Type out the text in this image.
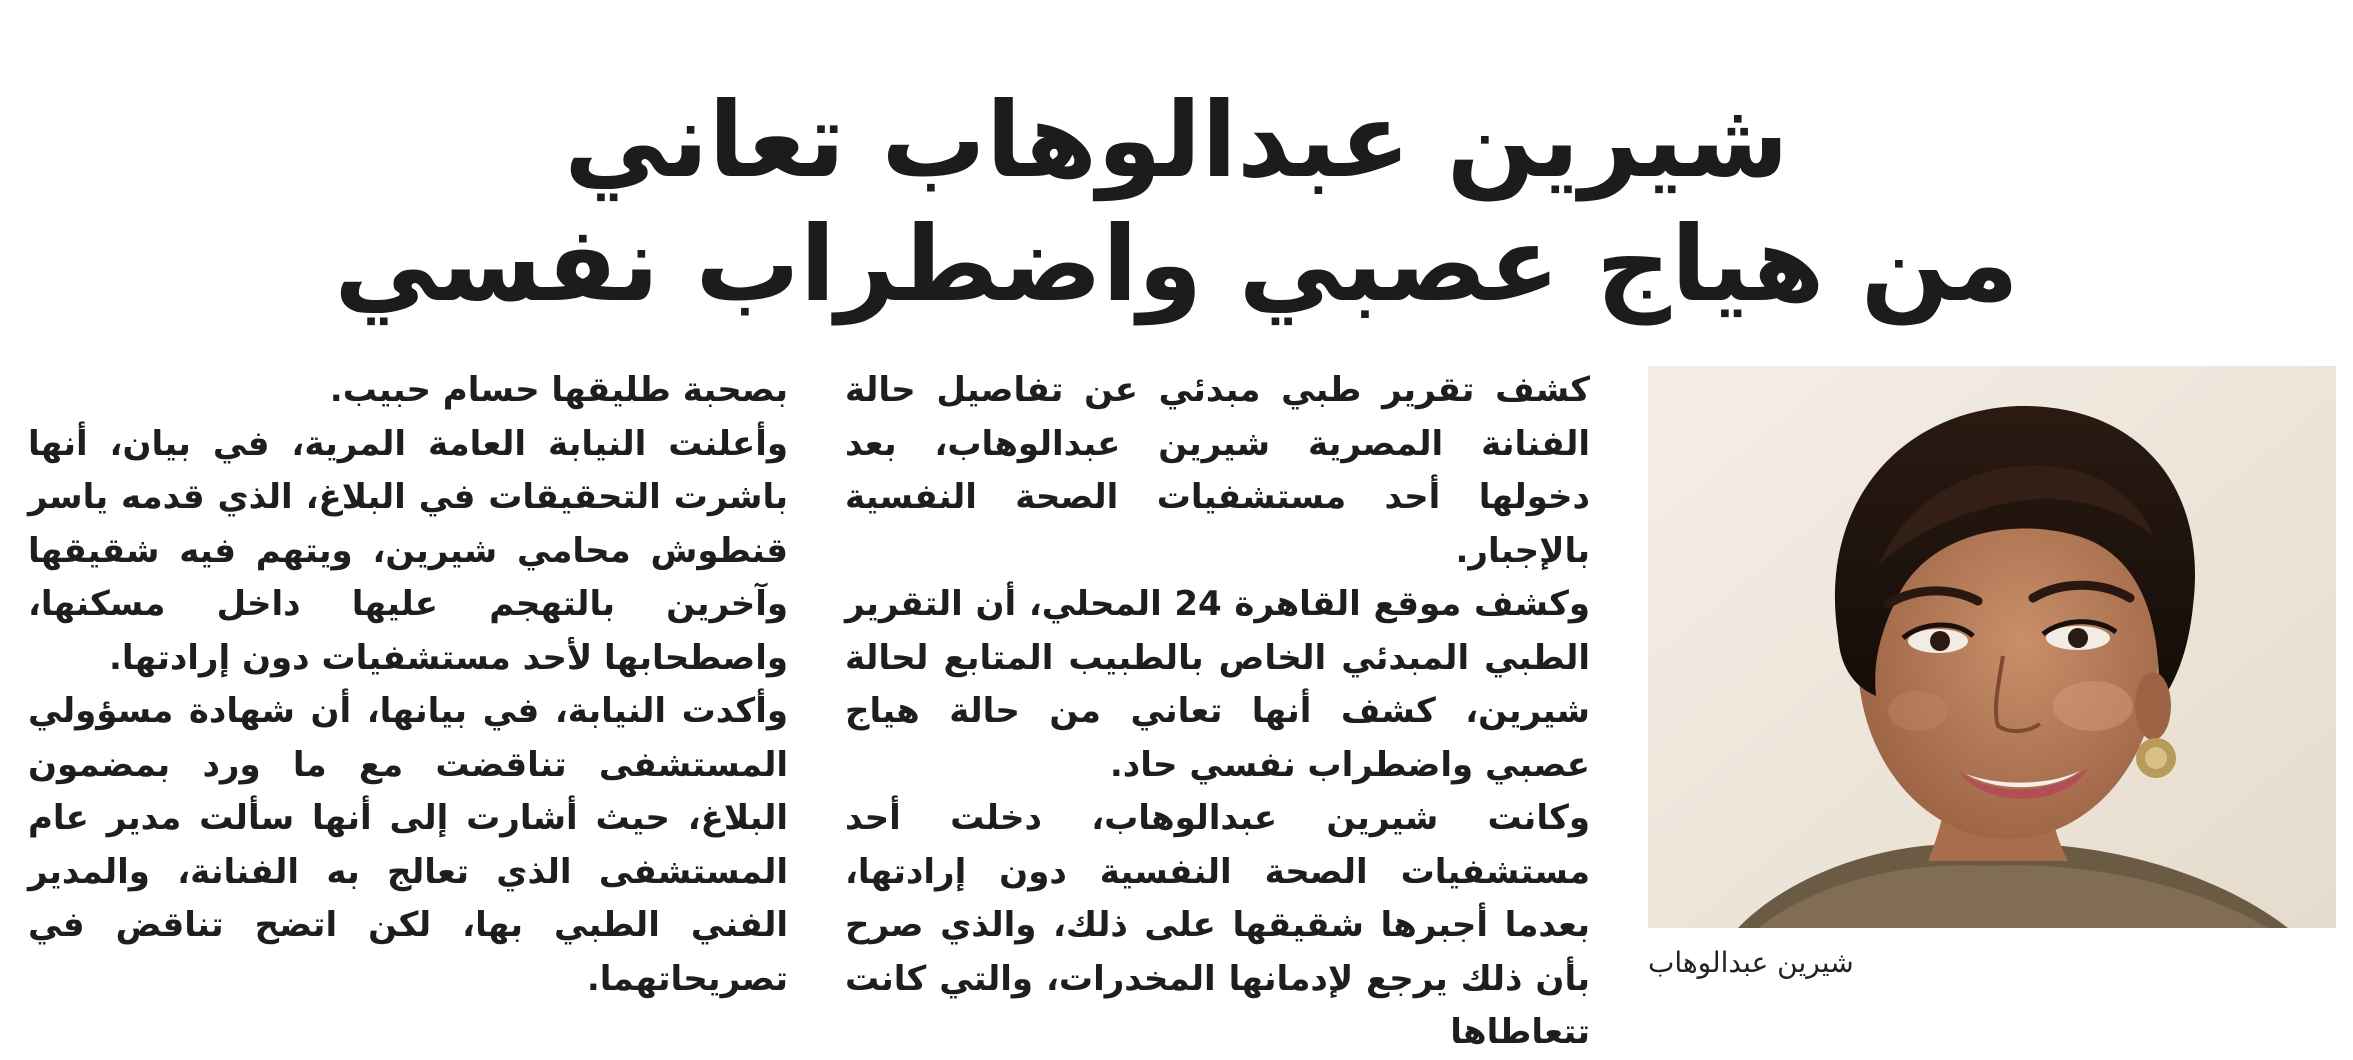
شيرين عبدالوهاب تعاني
من هياج عصبي واضطراب نفسي

كشف تقرير طبي مبدئي عن تفاصيل حالة الفنانة المصرية شيرين عبدالوهاب، بعد دخولها أحد مستشفيات الصحة النفسية بالإجبار.

وكشف موقع القاهرة 24 المحلي، أن التقرير الطبي المبدئي الخاص بالطبيب المتابع لحالة شيرين، كشف أنها تعاني من حالة هياج عصبي واضطراب نفسي حاد.

وكانت شيرين عبدالوهاب، دخلت أحد مستشفيات الصحة النفسية دون إرادتها، بعدما أجبرها شقيقها على ذلك، والذي صرح بأن ذلك يرجع لإدمانها المخدرات، والتي كانت تتعاطاها

بصحبة طليقها حسام حبيب.

وأعلنت النيابة العامة المرية، في بيان، أنها باشرت التحقيقات في البلاغ، الذي قدمه ياسر قنطوش محامي شيرين، ويتهم فيه شقيقها وآخرين بالتهجم عليها داخل مسكنها، واصطحابها لأحد مستشفيات دون إرادتها.

وأكدت النيابة، في بيانها، أن شهادة مسؤولي المستشفى تناقضت مع ما ورد بمضمون البلاغ، حيث أشارت إلى أنها سألت مدير عام المستشفى الذي تعالج به الفنانة، والمدير الفني الطبي بها، لكن اتضح تناقض في تصريحاتهما.	شيرين عبدالوهاب
